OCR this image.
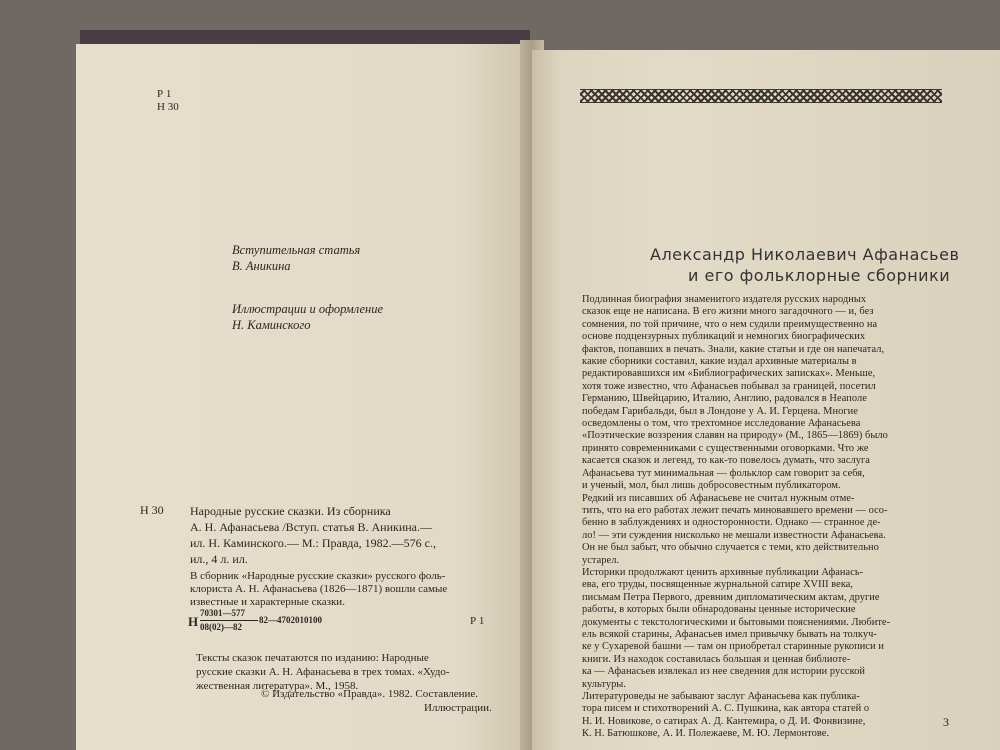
Р 1
Н 30
Вступительная статья
В. Аникина
Иллюстрации и оформление
Н. Каминского
Н 30 Народные русские сказки. Из сборника
А. Н. Афанасьева /Вступ. статья В. Аникина.—
ил. Н. Каминского.— М.: Правда, 1982.—576 с.,
ил., 4 л. ил.
В сборник «Народные русские сказки» русского фоль-
клориста А. Н. Афанасьева (1826—1871) вошли самые
известные и характерные сказки.
Н
70301—577
08(02)—82
82—4702010100	Р 1
Тексты сказок печатаются по изданию: Народные
русские сказки А. Н. Афанасьева в трех томах. «Худо-
жественная литература». М., 1958.
© Издательство «Правда». 1982. Составление.
Иллюстрации.
Александр Николаевич Афанасьев
и его фольклорные сборники
Подлинная биография знаменитого издателя русских народных
сказок еще не написана. В его жизни много загадочного — и, без
сомнения, по той причине, что о нем судили преимущественно на
основе подцензурных публикаций и немногих биографических
фактов, попавших в печать. Знали, какие статьи и где он напечатал,
какие сборники составил, какие издал архивные материалы в
редактировавшихся им «Библиографических записках». Меньше,
хотя тоже известно, что Афанасьев побывал за границей, посетил
Германию, Швейцарию, Италию, Англию, радовался в Неаполе
победам Гарибальди, был в Лондоне у А. И. Герцена. Многие
осведомлены о том, что трехтомное исследование Афанасьева
«Поэтические воззрения славян на природу» (М., 1865—1869) было
принято современниками с существенными оговорками. Что же
касается сказок и легенд, то как-то повелось думать, что заслуга
Афанасьева тут минимальная — фольклор сам говорит за себя,
и ученый, мол, был лишь добросовестным публикатором.
Редкий из писавших об Афанасьеве не считал нужным отме-
тить, что на его работах лежит печать миновавшего времени — осо-
бенно в заблуждениях и односторонности. Однако — странное де-
ло! — эти суждения нисколько не мешали известности Афанасьева.
Он не был забыт, что обычно случается с теми, кто действительно
устарел.
Историки продолжают ценить архивные публикации Афанась-
ева, его труды, посвященные журнальной сатире XVIII века,
письмам Петра Первого, древним дипломатическим актам, другие
работы, в которых были обнародованы ценные исторические
документы с текстологическими и бытовыми пояснениями. Любите-
ель всякой старины, Афанасьев имел привычку бывать на толкуч-
ке у Сухаревой башни — там он приобретал старинные рукописи и
книги. Из находок составилась большая и ценная библиоте-
ка — Афанасьев извлекал из нее сведения для истории русской
культуры.
Литературоведы не забывают заслуг Афанасьева как публика-
тора писем и стихотворений А. С. Пушкина, как автора статей о
Н. И. Новикове, о сатирах А. Д. Кантемира, о Д. И. Фонвизине,
К. Н. Батюшкове, А. И. Полежаеве, М. Ю. Лермонтове.
3
